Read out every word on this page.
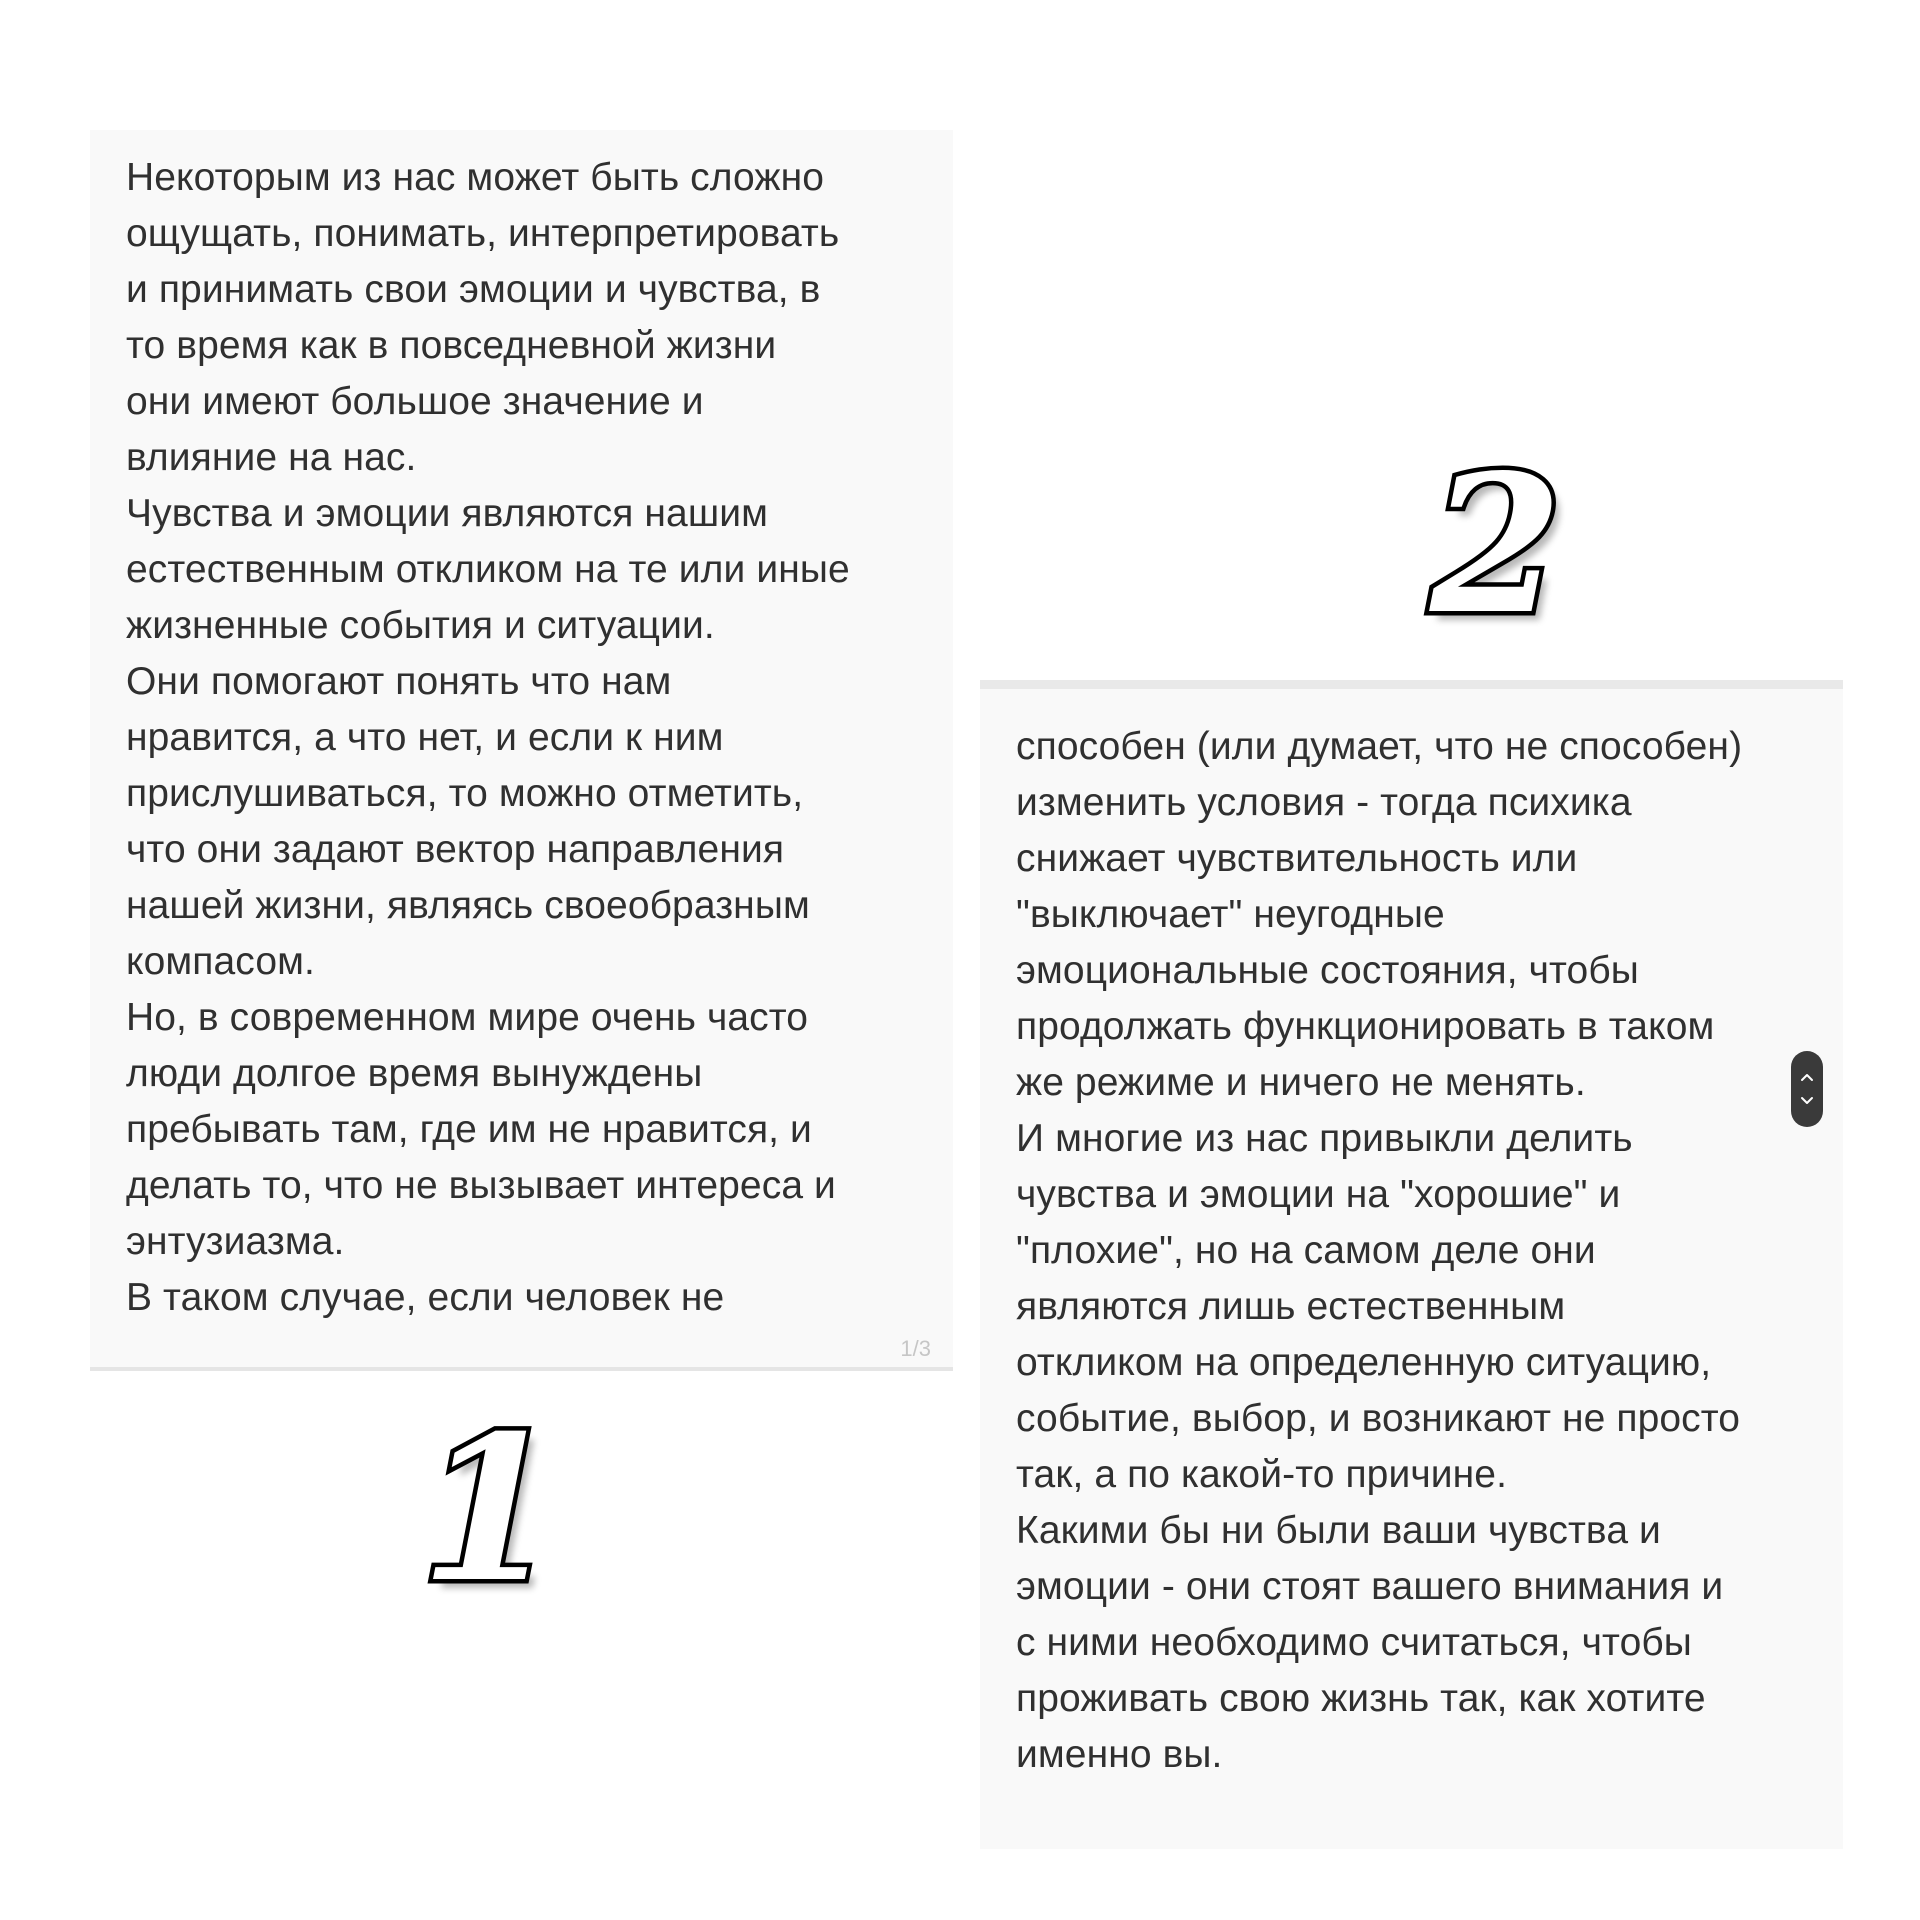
Некоторым из нас может быть сложно
ощущать, понимать, интерпретировать
и принимать свои эмоции и чувства, в
то время как в повседневной жизни
они имеют большое значение и
влияние на нас.
Чувства и эмоции являются нашим
естественным откликом на те или иные
жизненные события и ситуации.
Они помогают понять что нам
нравится, а что нет, и если к ним
прислушиваться, то можно отметить,
что они задают вектор направления
нашей жизни, являясь своеобразным
компасом.
Но, в современном мире очень часто
люди долгое время вынуждены
пребывать там, где им не нравится, и
делать то, что не вызывает интереса и
энтузиазма.
В таком случае, если человек не
1/3
1
2
способен (или думает, что не способен)
изменить условия - тогда психика
снижает чувствительность или
"выключает" неугодные
эмоциональные состояния, чтобы
продолжать функционировать в таком
же режиме и ничего не менять.
И многие из нас привыкли делить
чувства и эмоции на "хорошие" и
"плохие", но на самом деле они
являются лишь естественным
откликом на определенную ситуацию,
событие, выбор, и возникают не просто
так, а по какой-то причине.
Какими бы ни были ваши чувства и
эмоции - они стоят вашего внимания и
с ними необходимо считаться, чтобы
проживать свою жизнь так, как хотите
именно вы.
